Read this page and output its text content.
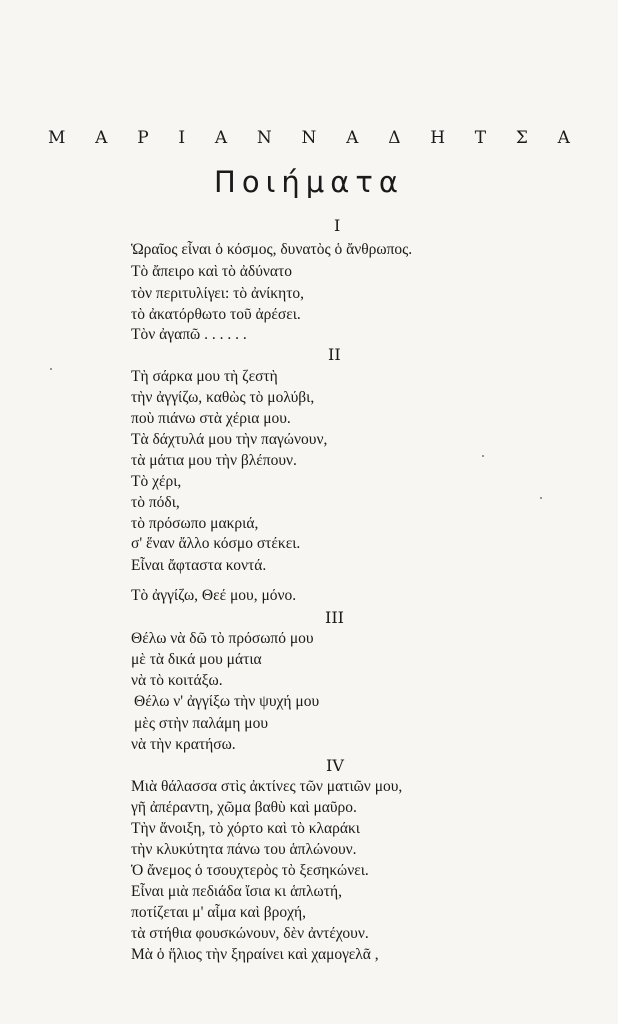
Μ Α Ρ Ι Α Ν Ν Α Δ Η Τ Σ Α
Ποιήματα
I
Ὡραῖος εἶναι ὁ κόσμος, δυνατὸς ὁ ἄνθρωπος.
Τὸ ἄπειρο καὶ τὸ ἀδύνατο
τὸν περιτυλίγει: τὸ ἀνίκητο,
τὸ ἀκατόρθωτο τοῦ ἀρέσει.
Τὸν ἀγαπῶ . . . . . .
II
Τὴ σάρκα μου τὴ ζεστὴ
τὴν ἀγγίζω, καθὼς τὸ μολύβι,
ποὺ πιάνω στὰ χέρια μου.
Τὰ δάχτυλά μου τὴν παγώνουν,
τὰ μάτια μου τὴν βλέπουν.
Τὸ χέρι,
τὸ πόδι,
τὸ πρόσωπο μακριά,
σ' ἕναν ἄλλο κόσμο στέκει.
Εἶναι ἄφταστα κοντά.
Τὸ ἀγγίζω, Θεέ μου, μόνο.
III
Θέλω νὰ δῶ τὸ πρόσωπό μου
μὲ τὰ δικά μου μάτια
νὰ τὸ κοιτάξω.
Θέλω ν' ἀγγίξω τὴν ψυχή μου
μὲς στὴν παλάμη μου
νὰ τὴν κρατήσω.
IV
Μιὰ θάλασσα στὶς ἀκτίνες τῶν ματιῶν μου,
γῆ ἀπέραντη, χῶμα βαθὺ καὶ μαῦρο.
Τὴν ἄνοιξη, τὸ χόρτο καὶ τὸ κλαράκι
τὴν κλυκύτητα πάνω του ἁπλώνουν.
Ὁ ἄνεμος ὁ τσουχτερὸς τὸ ξεσηκώνει.
Εἶναι μιὰ πεδιάδα ἴσια κι ἁπλωτή,
ποτίζεται μ' αἷμα καὶ βροχή,
τὰ στήθια φουσκώνουν, δὲν ἀντέχουν.
Μὰ ὁ ἥλιος τὴν ξηραίνει καὶ χαμογελᾶ ,
